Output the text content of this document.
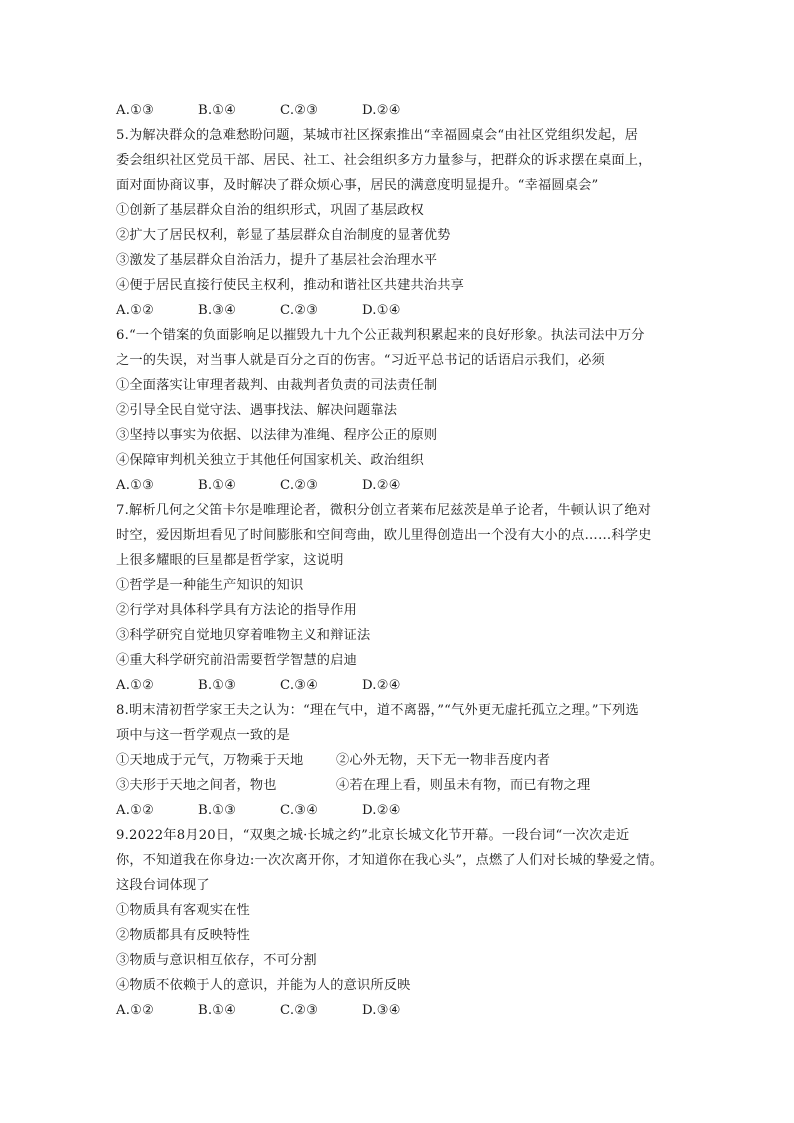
A.①③	B.①④	C.②③	D.②④
5.为解决群众的急难愁盼问题，某城市社区探索推出“幸福圆桌会“由社区党组织发起，居
委会组织社区党员干部、居民、社工、社会组织多方力量参与，把群众的诉求摆在桌面上，
面对面协商议事，及时解决了群众烦心事，居民的满意度明显提升。“幸福圆桌会”
①创新了基层群众自治的组织形式，巩固了基层政权
②扩大了居民权利，彰显了基层群众自治制度的显著优势
③激发了基层群众自治活力，提升了基层社会治理水平
④便于居民直接行使民主权利，推动和谐社区共建共治共享
A.①②	B.③④	C.②③	D.①④
6.“一个错案的负面影响足以摧毁九十九个公正裁判积累起来的良好形象。执法司法中万分
之一的失误，对当事人就是百分之百的伤害。“习近平总书记的话语启示我们，必须
①全面落实让审理者裁判、由裁判者负责的司法责任制
②引导全民自觉守法、遇事找法、解决问题靠法
③坚持以事实为依据、以法律为准绳、程序公正的原则
④保障审判机关独立于其他任何国家机关、政治组织
A.①③	B.①④	C.②③	D.②④
7.解析几何之父笛卡尔是唯理论者，微积分创立者莱布尼兹茨是单子论者，牛顿认识了绝对
时空，爱因斯坦看见了时间膨胀和空间弯曲，欧儿里得创造出一个没有大小的点……科学史
上很多耀眼的巨星都是哲学家，这说明
①哲学是一种能生产知识的知识
②行学对具体科学具有方法论的指导作用
③科学研究自觉地贝穿着唯物主义和辩证法
④重大科学研究前沿需要哲学智慧的启迪
A.①②	B.①③	C.③④	D.②④
8.明末清初哲学家王夫之认为：“理在气中，道不离器，”“气外更无虚托孤立之理。”下列选
项中与这一哲学观点一致的是
①天地成于元气，万物乘于天地	②心外无物，天下无一物非吾度内者
③夫形于天地之间者，物也	④若在理上看，则虽未有物，而已有物之理
A.①②	B.①③	C.③④	D.②④
9.2022年8月20日，“双奥之城·长城之约”北京长城文化节开幕。一段台词“一次次走近
你，不知道我在你身边:一次次离开你，才知道你在我心头”，点燃了人们对长城的挚爱之情。
这段台词体现了
①物质具有客观实在性
②物质都具有反映特性
③物质与意识相互依存，不可分割
④物质不依赖于人的意识，并能为人的意识所反映
A.①②	B.①④	C.②③	D.③④
